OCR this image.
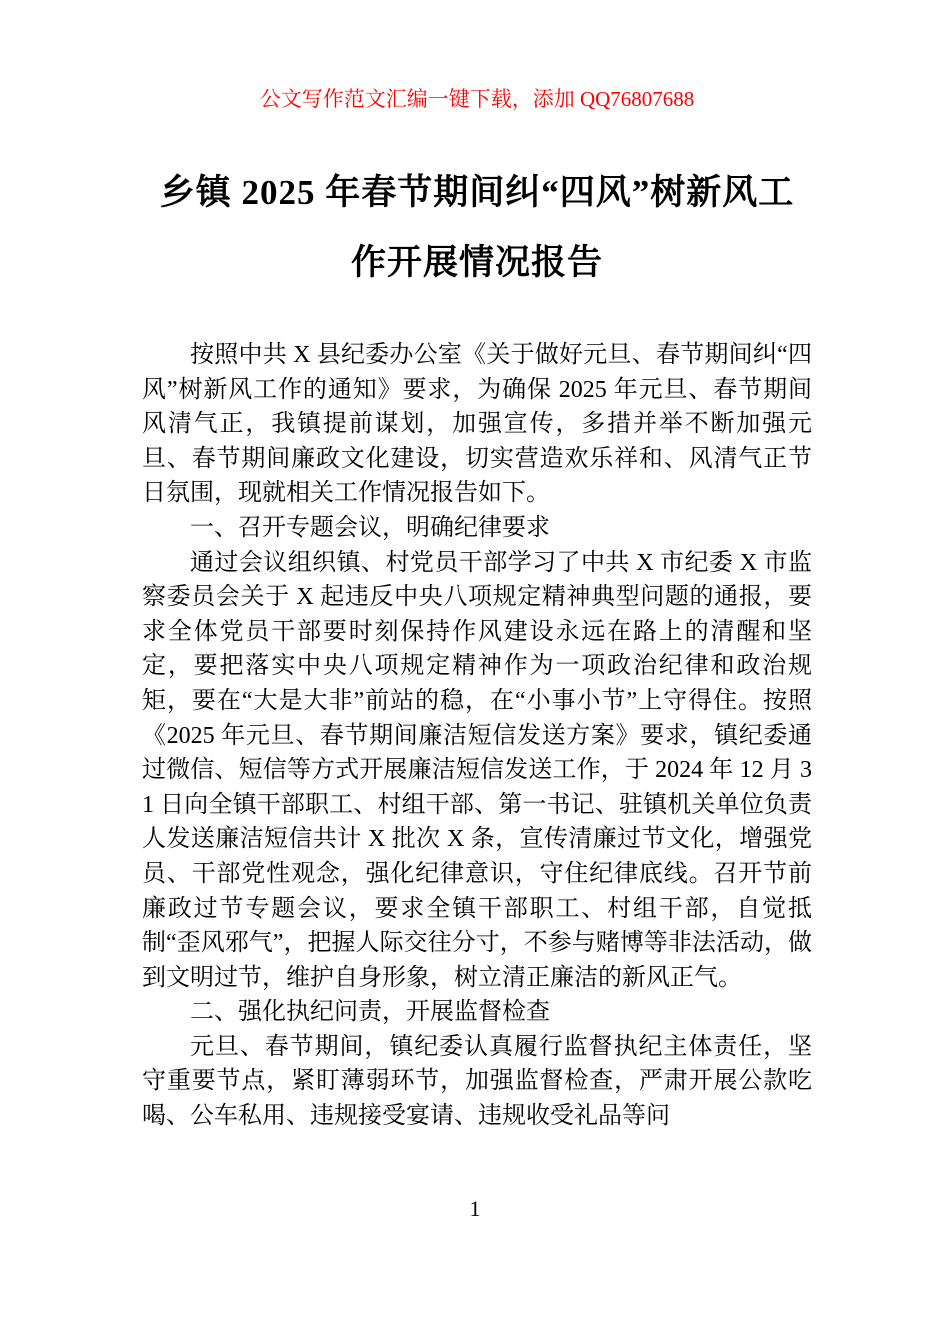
公文写作范文汇编一键下载，添加 QQ76807688
乡镇 2025 年春节期间纠“四风”树新风工作开展情况报告

按照中共 X 县纪委办公室《关于做好元旦、春节期间纠“四风”树新风工作的通知》要求，为确保 2025 年元旦、春节期间风清气正，我镇提前谋划，加强宣传，多措并举不断加强元旦、春节期间廉政文化建设，切实营造欢乐祥和、风清气正节日氛围，现就相关工作情况报告如下。

一、召开专题会议，明确纪律要求

通过会议组织镇、村党员干部学习了中共 X 市纪委 X 市监察委员会关于 X 起违反中央八项规定精神典型问题的通报，要求全体党员干部要时刻保持作风建设永远在路上的清醒和坚定，要把落实中央八项规定精神作为一项政治纪律和政治规矩，要在“大是大非”前站的稳，在“小事小节”上守得住。按照《2025 年元旦、春节期间廉洁短信发送方案》要求，镇纪委通过微信、短信等方式开展廉洁短信发送工作，于 2024 年 12 月 31 日向全镇干部职工、村组干部、第一书记、驻镇机关单位负责人发送廉洁短信共计 X 批次 X 条，宣传清廉过节文化，增强党员、干部党性观念，强化纪律意识，守住纪律底线。召开节前廉政过节专题会议，要求全镇干部职工、村组干部，自觉抵制“歪风邪气”，把握人际交往分寸，不参与赌博等非法活动，做到文明过节，维护自身形象，树立清正廉洁的新风正气。

二、强化执纪问责，开展监督检查

元旦、春节期间，镇纪委认真履行监督执纪主体责任，坚守重要节点，紧盯薄弱环节，加强监督检查，严肃开展公款吃喝、公车私用、违规接受宴请、违规收受礼品等问

1
